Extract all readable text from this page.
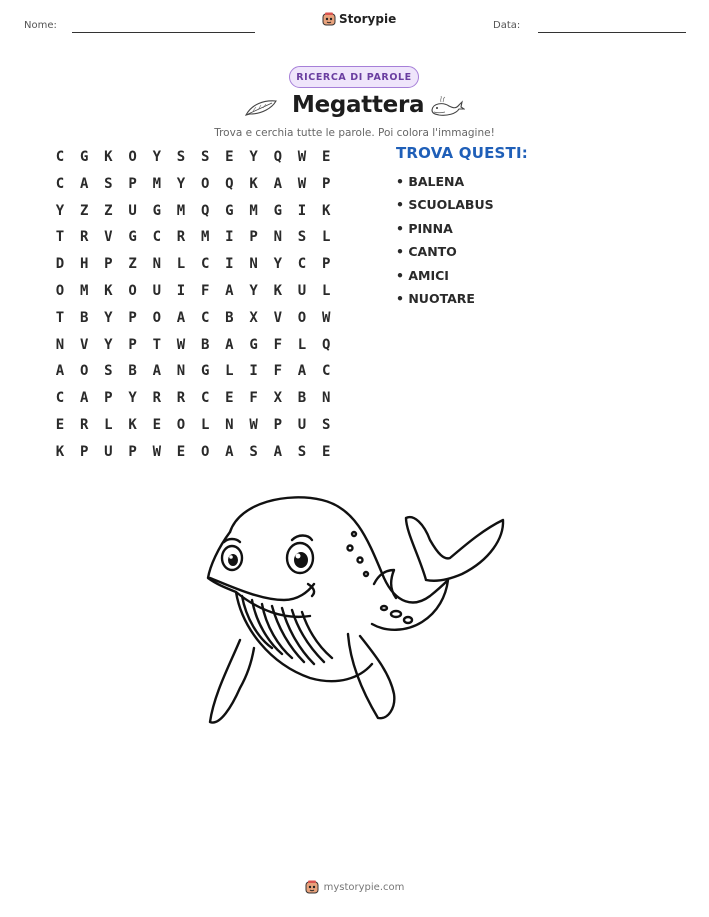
Nome:	Storypie	Data:
RICERCA DI PAROLE
Megattera
Trova e cerchia tutte le parole. Poi colora l'immagine!
C	G	K	O	Y	S	S	E	Y	Q	W	E
C	A	S	P	M	Y	O	Q	K	A	W	P
Y	Z	Z	U	G	M	Q	G	M	G	I	K
T	R	V	G	C	R	M	I	P	N	S	L
D	H	P	Z	N	L	C	I	N	Y	C	P
O	M	K	O	U	I	F	A	Y	K	U	L
T	B	Y	P	O	A	C	B	X	V	O	W
N	V	Y	P	T	W	B	A	G	F	L	Q
A	O	S	B	A	N	G	L	I	F	A	C
C	A	P	Y	R	R	C	E	F	X	B	N
E	R	L	K	E	O	L	N	W	P	U	S
K	P	U	P	W	E	O	A	S	A	S	E
TROVA QUESTI:
• BALENA
• SCUOLABUS
• PINNA
• CANTO
• AMICI
• NUOTARE
mystorypie.com
